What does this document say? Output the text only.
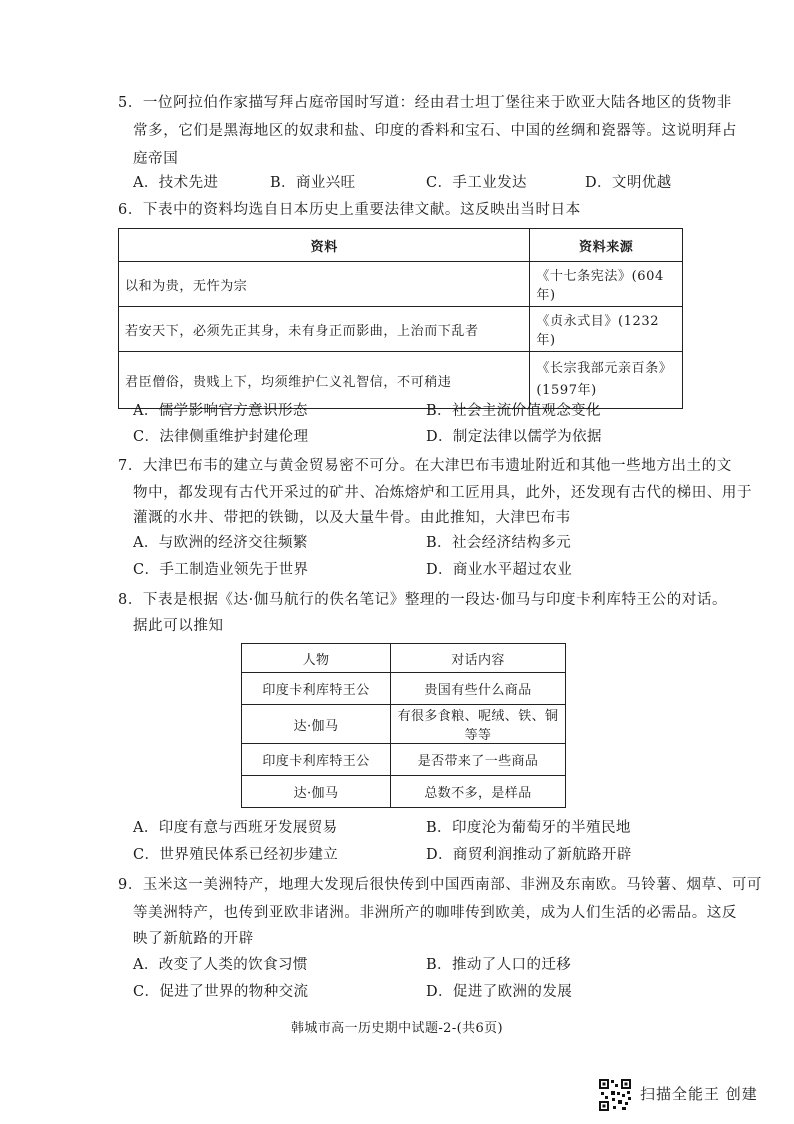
5．一位阿拉伯作家描写拜占庭帝国时写道：经由君士坦丁堡往来于欧亚大陆各地区的货物非
常多，它们是黑海地区的奴隶和盐、印度的香料和宝石、中国的丝绸和瓷器等。这说明拜占
庭帝国
A．技术先进	B．商业兴旺	C．手工业发达	D．文明优越
6．下表中的资料均选自日本历史上重要法律文献。这反映出当时日本
资料	资料来源
以和为贵，无忤为宗	《十七条宪法》(604年)
若安天下，必须先正其身，未有身正而影曲，上治而下乱者	《贞永式目》(1232年)
君臣僧俗，贵贱上下，均须维护仁义礼智信，不可稍违	《长宗我部元亲百条》(1597年)
A．儒学影响官方意识形态	B．社会主流价值观念变化
C．法律侧重维护封建伦理	D．制定法律以儒学为依据
7．大津巴布韦的建立与黄金贸易密不可分。在大津巴布韦遗址附近和其他一些地方出土的文
物中，都发现有古代开采过的矿井、冶炼熔炉和工匠用具，此外，还发现有古代的梯田、用于
灌溉的水井、带把的铁锄，以及大量牛骨。由此推知，大津巴布韦
A．与欧洲的经济交往频繁	B．社会经济结构多元
C．手工制造业领先于世界	D．商业水平超过农业
8．下表是根据《达·伽马航行的佚名笔记》整理的一段达·伽马与印度卡利库特王公的对话。
据此可以推知
人物	对话内容
印度卡利库特王公	贵国有些什么商品
达·伽马	有很多食粮、呢绒、铁、铜等等
印度卡利库特王公	是否带来了一些商品
达·伽马	总数不多，是样品
A．印度有意与西班牙发展贸易	B．印度沦为葡萄牙的半殖民地
C．世界殖民体系已经初步建立	D．商贸利润推动了新航路开辟
9．玉米这一美洲特产，地理大发现后很快传到中国西南部、非洲及东南欧。马铃薯、烟草、可可
等美洲特产，也传到亚欧非诸洲。非洲所产的咖啡传到欧美，成为人们生活的必需品。这反
映了新航路的开辟
A．改变了人类的饮食习惯	B．推动了人口的迁移
C．促进了世界的物种交流	D．促进了欧洲的发展
韩城市高一历史期中试题-2-(共6页)
扫描全能王 创建
